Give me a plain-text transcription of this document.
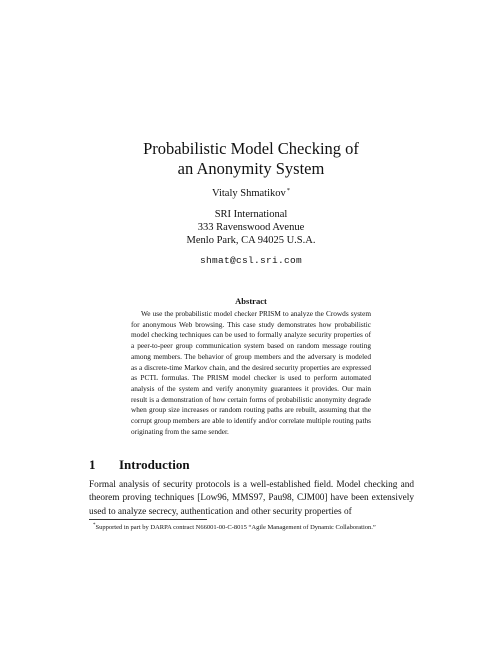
Probabilistic Model Checking of
an Anonymity System
Vitaly Shmatikov*
SRI International
333 Ravenswood Avenue
Menlo Park, CA 94025 U.S.A.
shmat@csl.sri.com
Abstract
We use the probabilistic model checker PRISM to analyze the Crowds system for anonymous Web browsing. This case study demonstrates how probabilistic model checking techniques can be used to formally analyze security properties of a peer-to-peer group communication system based on random message routing among members. The behavior of group members and the adversary is modeled as a discrete-time Markov chain, and the desired security properties are expressed as PCTL formulas. The PRISM model checker is used to perform automated analysis of the system and verify anonymity guarantees it provides. Our main result is a demonstration of how certain forms of probabilistic anonymity degrade when group size increases or random routing paths are rebuilt, assuming that the corrupt group members are able to identify and/or correlate multiple routing paths originating from the same sender.
1 Introduction
Formal analysis of security protocols is a well-established field. Model checking and theorem proving techniques [Low96, MMS97, Pau98, CJM00] have been extensively used to analyze secrecy, authentication and other security properties of
*Supported in part by DARPA contract N66001-00-C-8015 “Agile Management of Dynamic Collaboration.”
